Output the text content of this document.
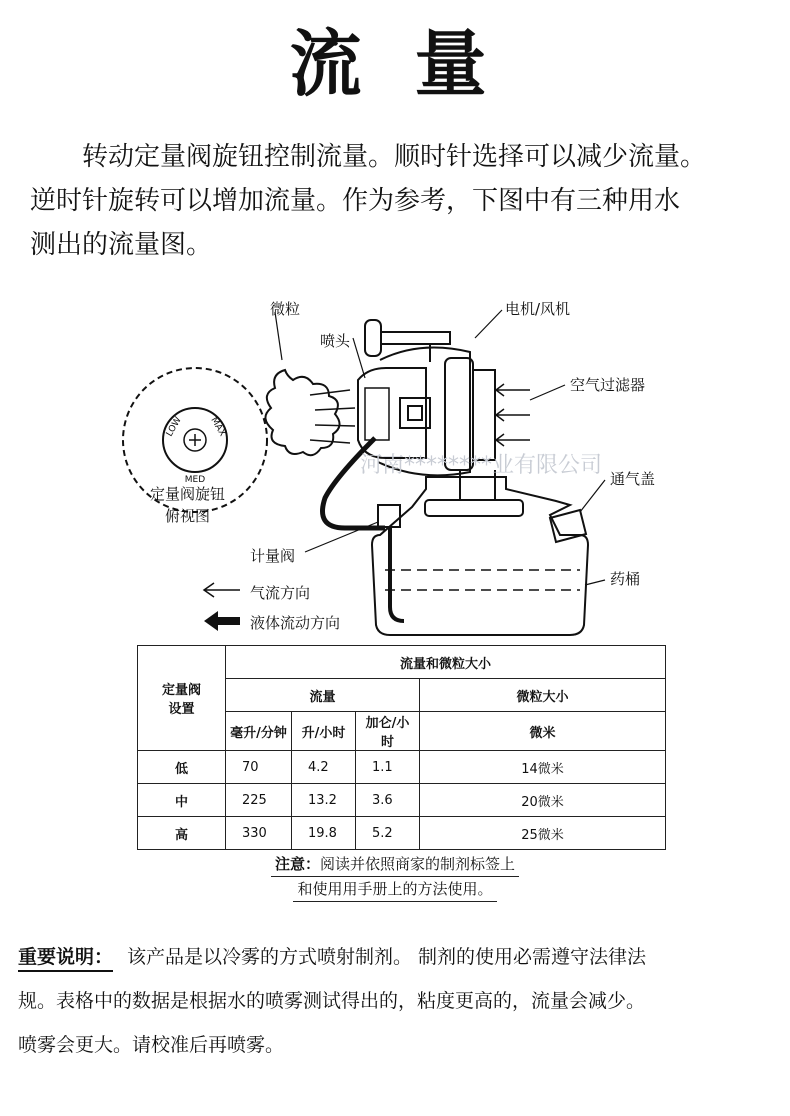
流 量

转动定量阀旋钮控制流量。顺时针选择可以减少流量。

逆时针旋转可以增加流量。作为参考，下图中有三种用水

测出的流量图。

LOW
MED
MAX
微粒
喷头
电机/风机
空气过滤器
通气盖
药桶
计量阀
定量阀旋钮
俯视图
气流方向
液体流动方向
河南********业有限公司
定量阀
设置	流量和微粒大小			
	流量			微粒大小
	毫升/分钟	升/小时	加仑/小时	微米
低	70	4.2	1.1	14微米
中	225	13.2	3.6	20微米
高	330	19.8	5.2	25微米
注意：阅读并依照商家的制剂标签上
和使用用手册上的方法使用。

重要说明： 该产品是以冷雾的方式喷射制剂。 制剂的使用必需遵守法律法

规。表格中的数据是根据水的喷雾测试得出的，粘度更高的，流量会减少。

喷雾会更大。请校准后再喷雾。
